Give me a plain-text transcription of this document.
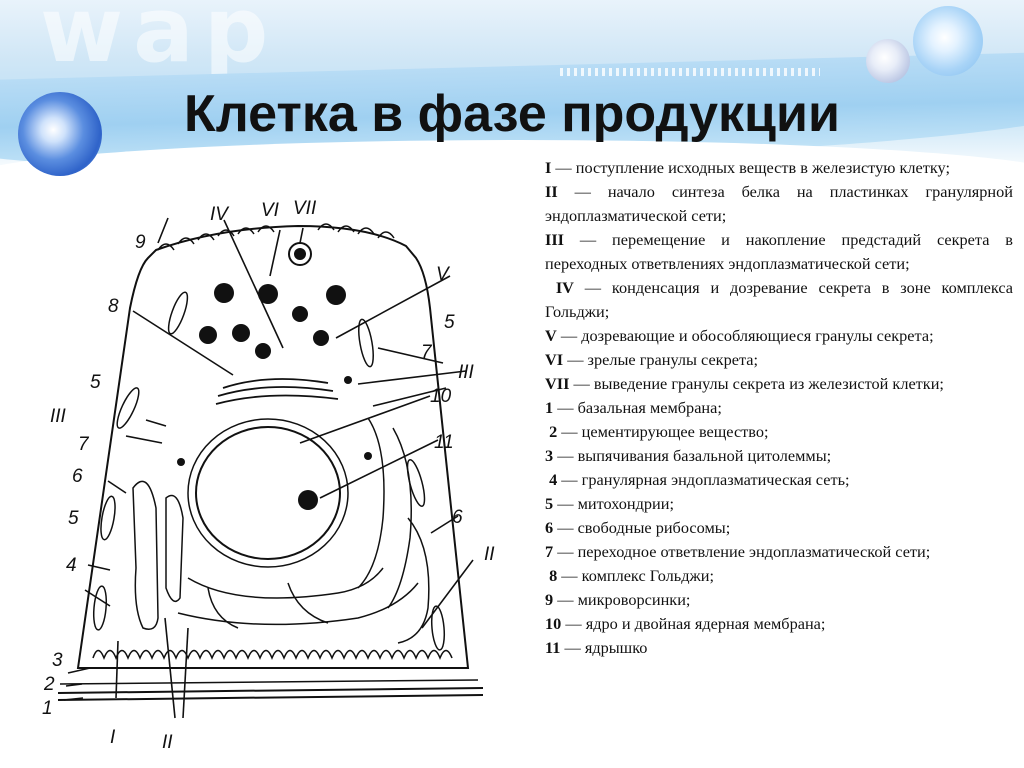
wap
Клетка в фазе продукции
IV VI VII
9
V
8
5
7
5	III
10
III
7	11
6
5	6
4
II
3
2
1
I II

I — поступление исходных веществ в железистую клетку;

II — начало синтеза белка на пластинках гранулярной эндоплазматической сети;

III — перемещение и накопление предстадий секрета в переходных ответвлениях эндоплазматической сети;

IV — конденсация и дозревание секрета в зоне комплекса Гольджи;

V — дозревающие и обособляющиеся гранулы секрета;

VI — зрелые гранулы секрета;

VII — выведение гранулы секрета из железистой клетки;

1 — базальная мембрана;

2 — цементирующее вещество;

3 — выпячивания базальной цитолеммы;

4 — гранулярная эндоплазматическая сеть;

5 — митохондрии;

6 — свободные рибосомы;

7 — переходное ответвление эндоплазматической сети;

8 — комплекс Гольджи;

9 — микроворсинки;

10 — ядро и двойная ядерная мембрана;

11 — ядрышко
